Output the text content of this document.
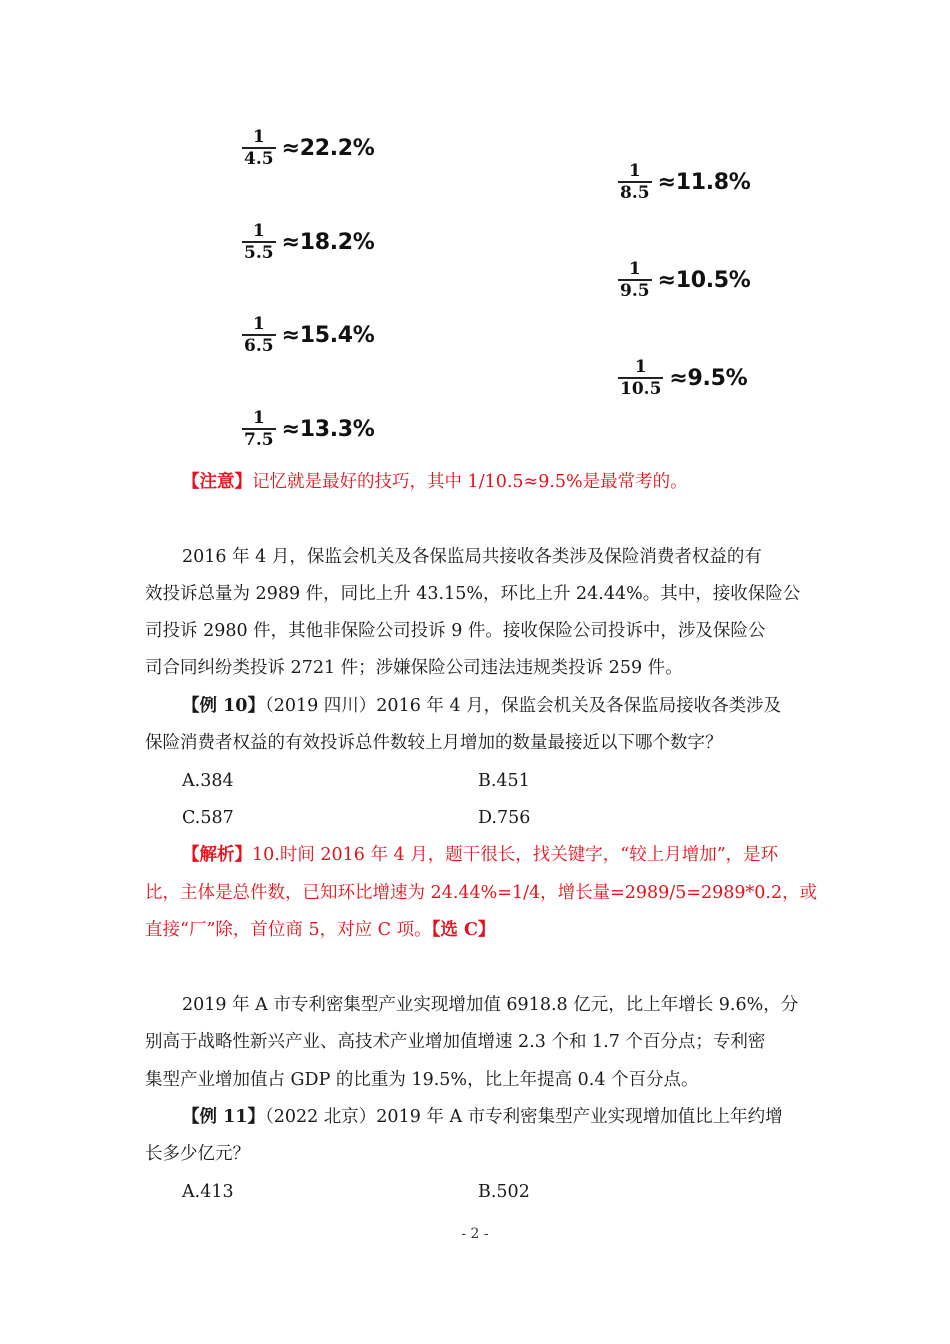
$\frac{1}{4.5} \approx 22.2\%$
$\frac{1}{5.5} \approx 18.2\%$
$\frac{1}{6.5} \approx 15.4\%$
$\frac{1}{7.5} \approx 13.3\%$
$\frac{1}{8.5} \approx 11.8\%$
$\frac{1}{9.5} \approx 10.5\%$
$\frac{1}{10.5} \approx 9.5\%$
【注意】记忆就是最好的技巧，其中 1/10.5≈9.5%是最常考的。
2016 年 4 月，保监会机关及各保监局共接收各类涉及保险消费者权益的有
效投诉总量为 2989 件，同比上升 43.15%，环比上升 24.44%。其中，接收保险公
司投诉 2980 件，其他非保险公司投诉 9 件。接收保险公司投诉中，涉及保险公
司合同纠纷类投诉 2721 件；涉嫌保险公司违法违规类投诉 259 件。
【例 10】（2019 四川）2016 年 4 月，保监会机关及各保监局接收各类涉及
保险消费者权益的有效投诉总件数较上月增加的数量最接近以下哪个数字？
A.384	B.451
C.587	D.756
【解析】10.时间 2016 年 4 月，题干很长，找关键字，“较上月增加”，是环
比，主体是总件数，已知环比增速为 24.44%=1/4，增长量=2989/5=2989*0.2，或
直接“厂”除，首位商 5，对应 C 项。【选 C】
2019 年 A 市专利密集型产业实现增加值 6918.8 亿元，比上年增长 9.6%，分
别高于战略性新兴产业、高技术产业增加值增速 2.3 个和 1.7 个百分点；专利密
集型产业增加值占 GDP 的比重为 19.5%，比上年提高 0.4 个百分点。
【例 11】（2022 北京）2019 年 A 市专利密集型产业实现增加值比上年约增
长多少亿元？
A.413	B.502
- 2 -
